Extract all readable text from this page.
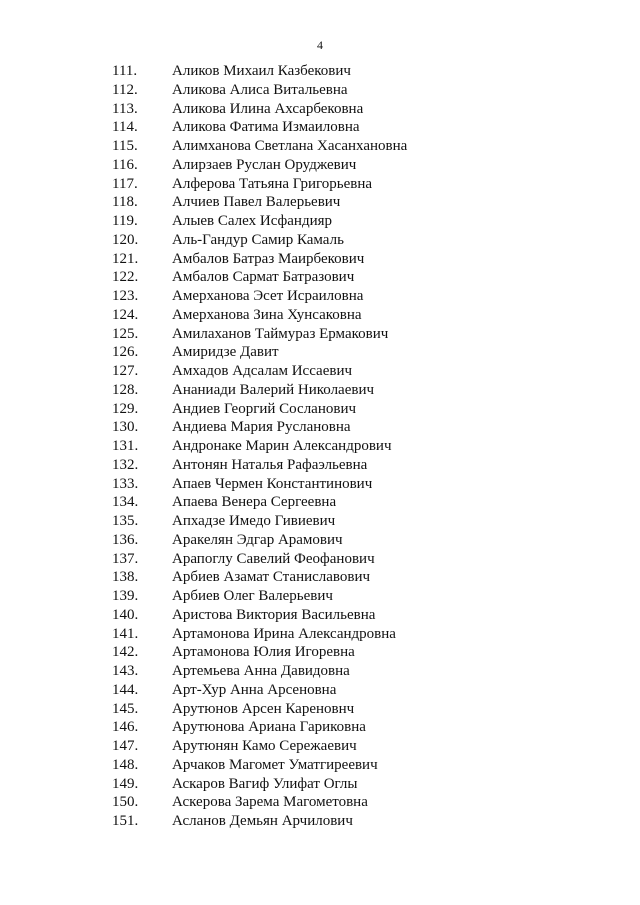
4
111. Аликов Михаил Казбекович
112. Аликова Алиса Витальевна
113. Аликова Илина Ахсарбековна
114. Аликова Фатима Измаиловна
115. Алимханова Светлана Хасанхановна
116. Алирзаев Руслан Оруджевич
117. Алферова Татьяна Григорьевна
118. Алчиев Павел Валерьевич
119. Алыев Салех Исфандияр
120. Аль-Гандур Самир Камаль
121. Амбалов Батраз Маирбекович
122. Амбалов Сармат Батразович
123. Амерханова Эсет Исраиловна
124. Амерханова Зина Хунсаковна
125. Амилаханов Таймураз Ермакович
126. Амиридзе Давит
127. Амхадов Адсалам Иссаевич
128. Ананиади Валерий Николаевич
129. Андиев Георгий Сосланович
130. Андиева Мария Руслановна
131. Андронаке Марин Александрович
132. Антонян Наталья Рафаэльевна
133. Апаев Чермен Константинович
134. Апаева Венера Сергеевна
135. Апхадзе Имедо Гивиевич
136. Аракелян Эдгар Арамович
137. Арапоглу Савелий Феофанович
138. Арбиев Азамат Станиславович
139. Арбиев Олег Валерьевич
140. Аристова Виктория Васильевна
141. Артамонова Ирина Александровна
142. Артамонова Юлия Игоревна
143. Артемьева Анна Давидовна
144. Арт-Хур Анна Арсеновна
145. Арутюнов Арсен Кареновнч
146. Арутюнова Ариана Гариковна
147. Арутюнян Камо Сережаевич
148. Арчаков Магомет Уматгиреевич
149. Аскаров Вагиф Улифат Оглы
150. Аскерова Зарема Магометовна
151. Асланов Демьян Арчилович
